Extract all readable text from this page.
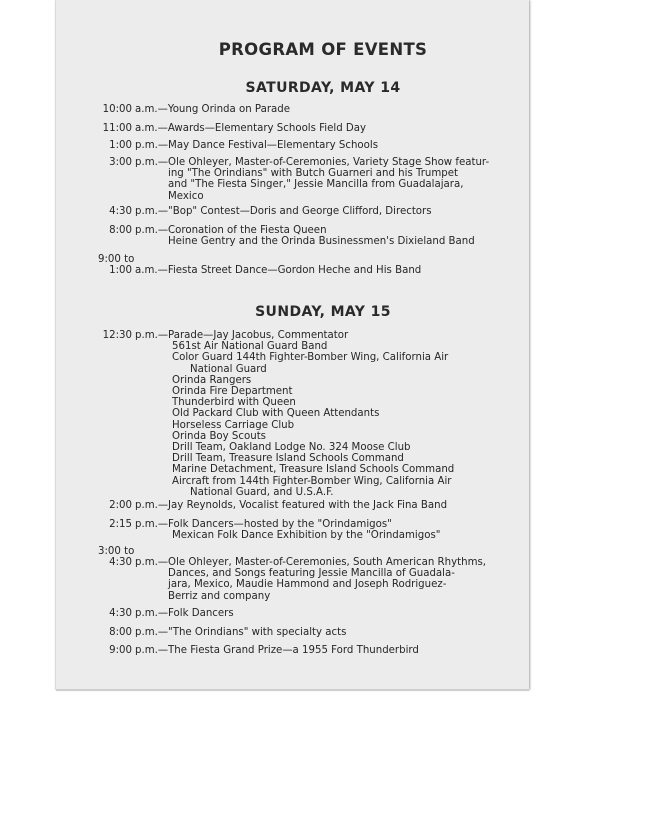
PROGRAM OF EVENTS
SATURDAY, MAY 14
10:00 a.m.—Young Orinda on Parade
11:00 a.m.—Awards—Elementary Schools Field Day
1:00 p.m.—May Dance Festival—Elementary Schools
3:00 p.m.—Ole Ohleyer, Master-of-Ceremonies, Variety Stage Show featur-
ing "The Orindians" with Butch Guarneri and his Trumpet
and "The Fiesta Singer," Jessie Mancilla from Guadalajara,
Mexico
4:30 p.m.—"Bop" Contest—Doris and George Clifford, Directors
8:00 p.m.—Coronation of the Fiesta Queen
Heine Gentry and the Orinda Businessmen's Dixieland Band
9:00 to
1:00 a.m.—Fiesta Street Dance—Gordon Heche and His Band
SUNDAY, MAY 15
12:30 p.m.—Parade—Jay Jacobus, Commentator
561st Air National Guard Band
Color Guard 144th Fighter-Bomber Wing, California Air
National Guard
Orinda Rangers
Orinda Fire Department
Thunderbird with Queen
Old Packard Club with Queen Attendants
Horseless Carriage Club
Orinda Boy Scouts
Drill Team, Oakland Lodge No. 324 Moose Club
Drill Team, Treasure Island Schools Command
Marine Detachment, Treasure Island Schools Command
Aircraft from 144th Fighter-Bomber Wing, California Air
National Guard, and U.S.A.F.
2:00 p.m.—Jay Reynolds, Vocalist featured with the Jack Fina Band
2:15 p.m.—Folk Dancers—hosted by the "Orindamigos"
Mexican Folk Dance Exhibition by the "Orindamigos"
3:00 to
4:30 p.m.—Ole Ohleyer, Master-of-Ceremonies, South American Rhythms,
Dances, and Songs featuring Jessie Mancilla of Guadala-
jara, Mexico, Maudie Hammond and Joseph Rodriguez-
Berriz and company
4:30 p.m.—Folk Dancers
8:00 p.m.—"The Orindians" with specialty acts
9:00 p.m.—The Fiesta Grand Prize—a 1955 Ford Thunderbird
